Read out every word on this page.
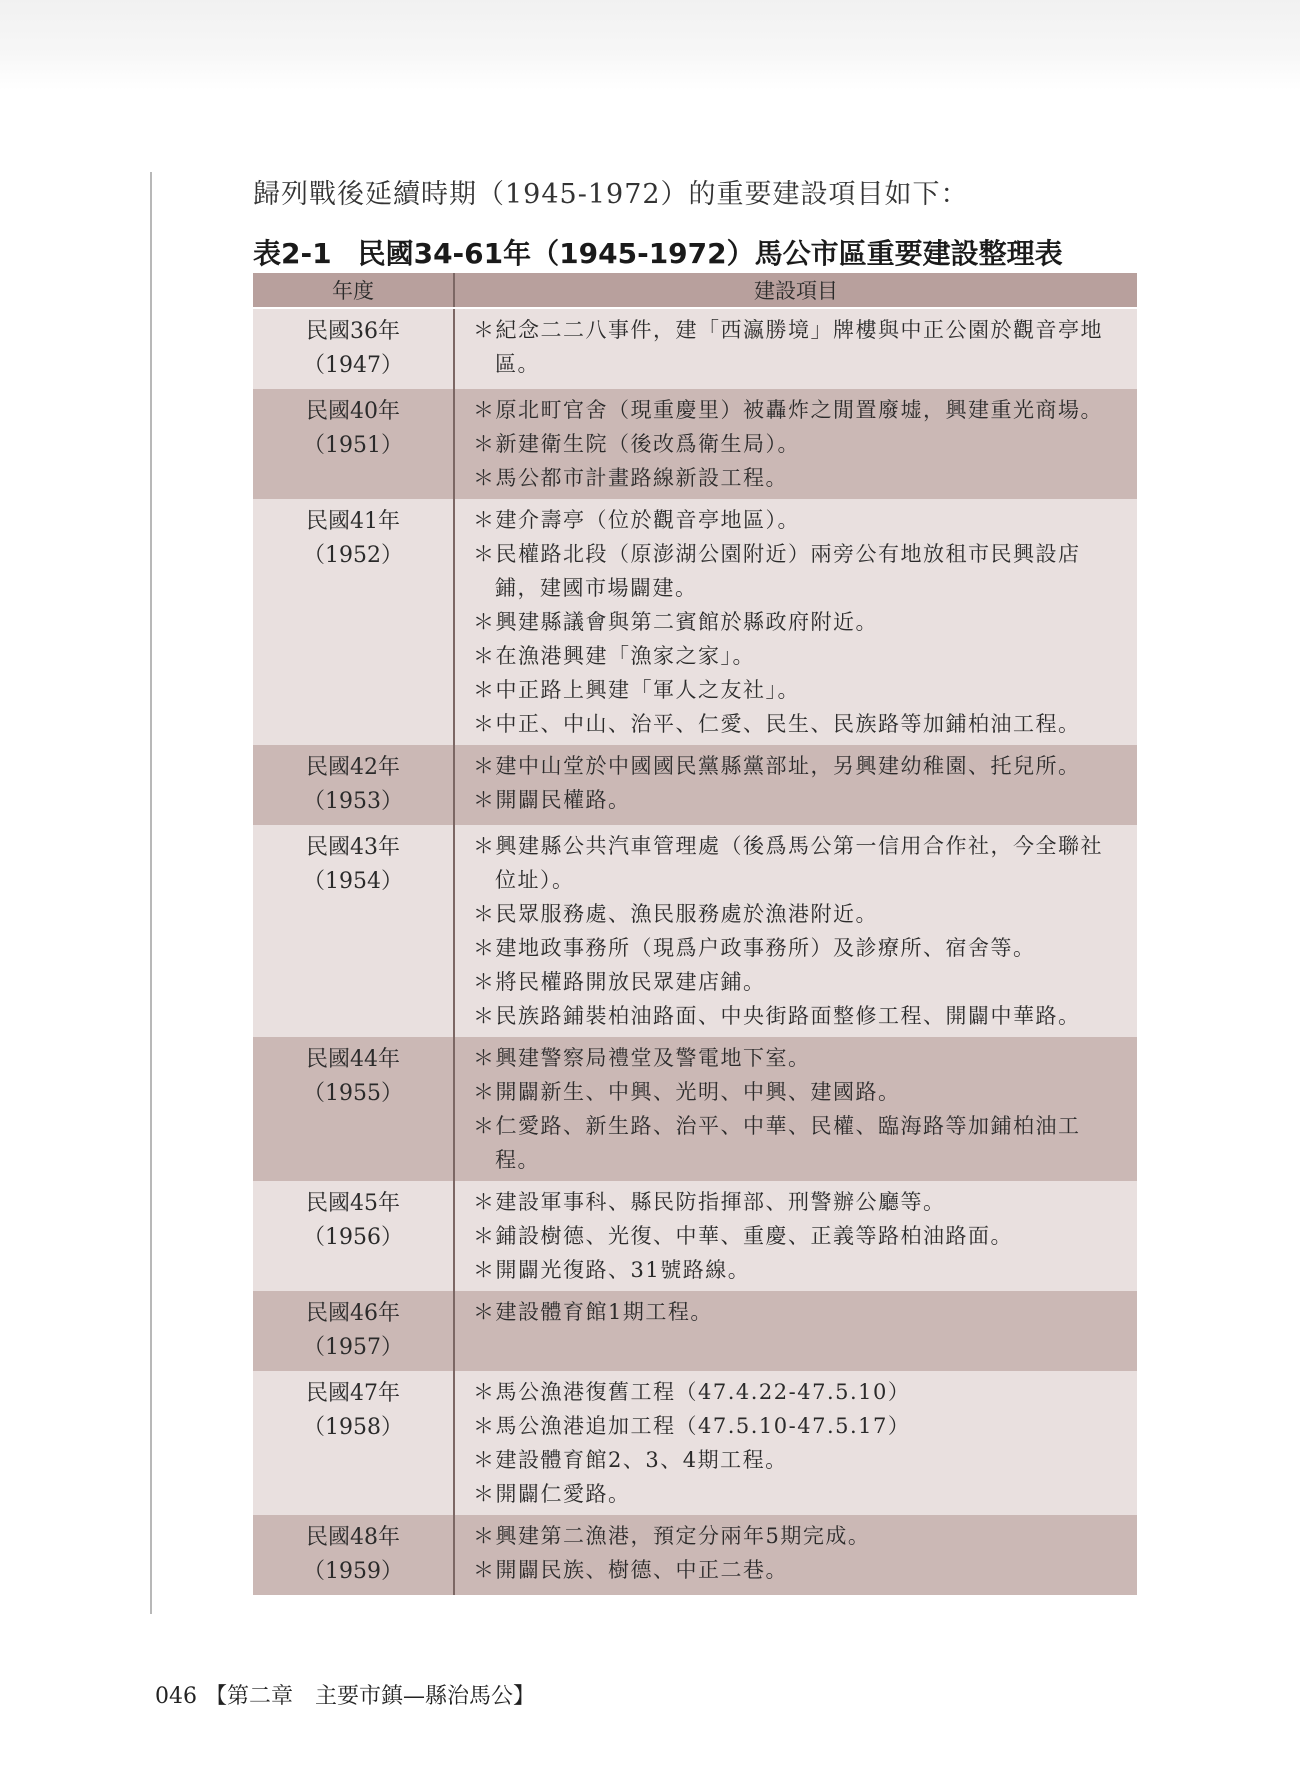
歸列戰後延續時期（1945-1972）的重要建設項目如下：

表2-1 民國34-61年（1945-1972）馬公市區重要建設整理表
年度	建設項目
民國36年
（1947）
＊紀念二二八事件，建「西瀛勝境」牌樓與中正公園於觀音亭地區。
民國40年
（1951）
＊原北町官舍（現重慶里）被轟炸之閒置廢墟，興建重光商場。
＊新建衛生院（後改爲衛生局）。
＊馬公都市計畫路線新設工程。
民國41年
（1952）
＊建介壽亭（位於觀音亭地區）。
＊民權路北段（原澎湖公園附近）兩旁公有地放租市民興設店鋪，建國市場闢建。
＊興建縣議會與第二賓館於縣政府附近。
＊在漁港興建「漁家之家」。
＊中正路上興建「軍人之友社」。
＊中正、中山、治平、仁愛、民生、民族路等加鋪柏油工程。
民國42年
（1953）
＊建中山堂於中國國民黨縣黨部址，另興建幼稚園、托兒所。
＊開闢民權路。
民國43年
（1954）
＊興建縣公共汽車管理處（後爲馬公第一信用合作社，今全聯社位址）。
＊民眾服務處、漁民服務處於漁港附近。
＊建地政事務所（現爲户政事務所）及診療所、宿舍等。
＊將民權路開放民眾建店鋪。
＊民族路鋪裝柏油路面、中央街路面整修工程、開闢中華路。
民國44年
（1955）
＊興建警察局禮堂及警電地下室。
＊開闢新生、中興、光明、中興、建國路。
＊仁愛路、新生路、治平、中華、民權、臨海路等加鋪柏油工程。
民國45年
（1956）
＊建設軍事科、縣民防指揮部、刑警辦公廳等。
＊鋪設樹德、光復、中華、重慶、正義等路柏油路面。
＊開闢光復路、31號路線。
民國46年
（1957）
＊建設體育館1期工程。
民國47年
（1958）
＊馬公漁港復舊工程（47.4.22-47.5.10）
＊馬公漁港追加工程（47.5.10-47.5.17）
＊建設體育館2、3、4期工程。
＊開闢仁愛路。
民國48年
（1959）
＊興建第二漁港，預定分兩年5期完成。
＊開闢民族、樹德、中正二巷。

046 【第二章　主要市鎮—縣治馬公】
